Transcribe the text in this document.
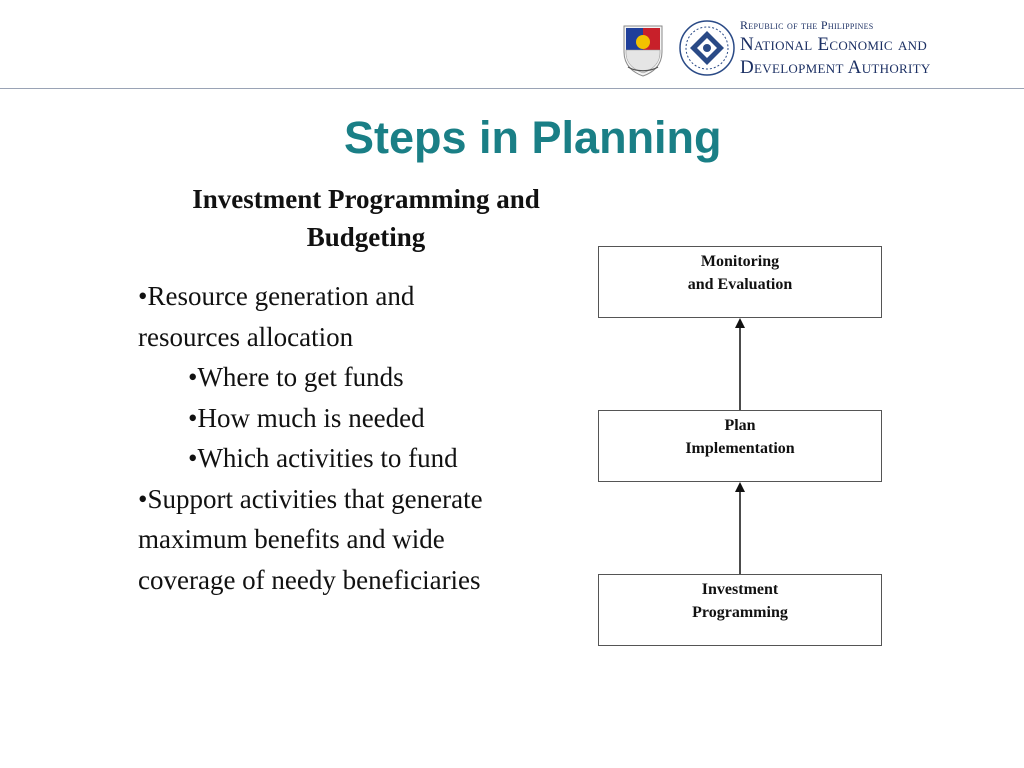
Republic of the Philippines
National Economic and
Development Authority
Steps in Planning
Investment Programming and
Budgeting

•Resource generation and
resources allocation

•Where to get funds

•How much is needed

•Which activities to fund

•Support activities that generate
maximum benefits and wide
coverage of needy beneficiaries

Monitoring
and Evaluation
Plan
Implementation
Investment
Programming
